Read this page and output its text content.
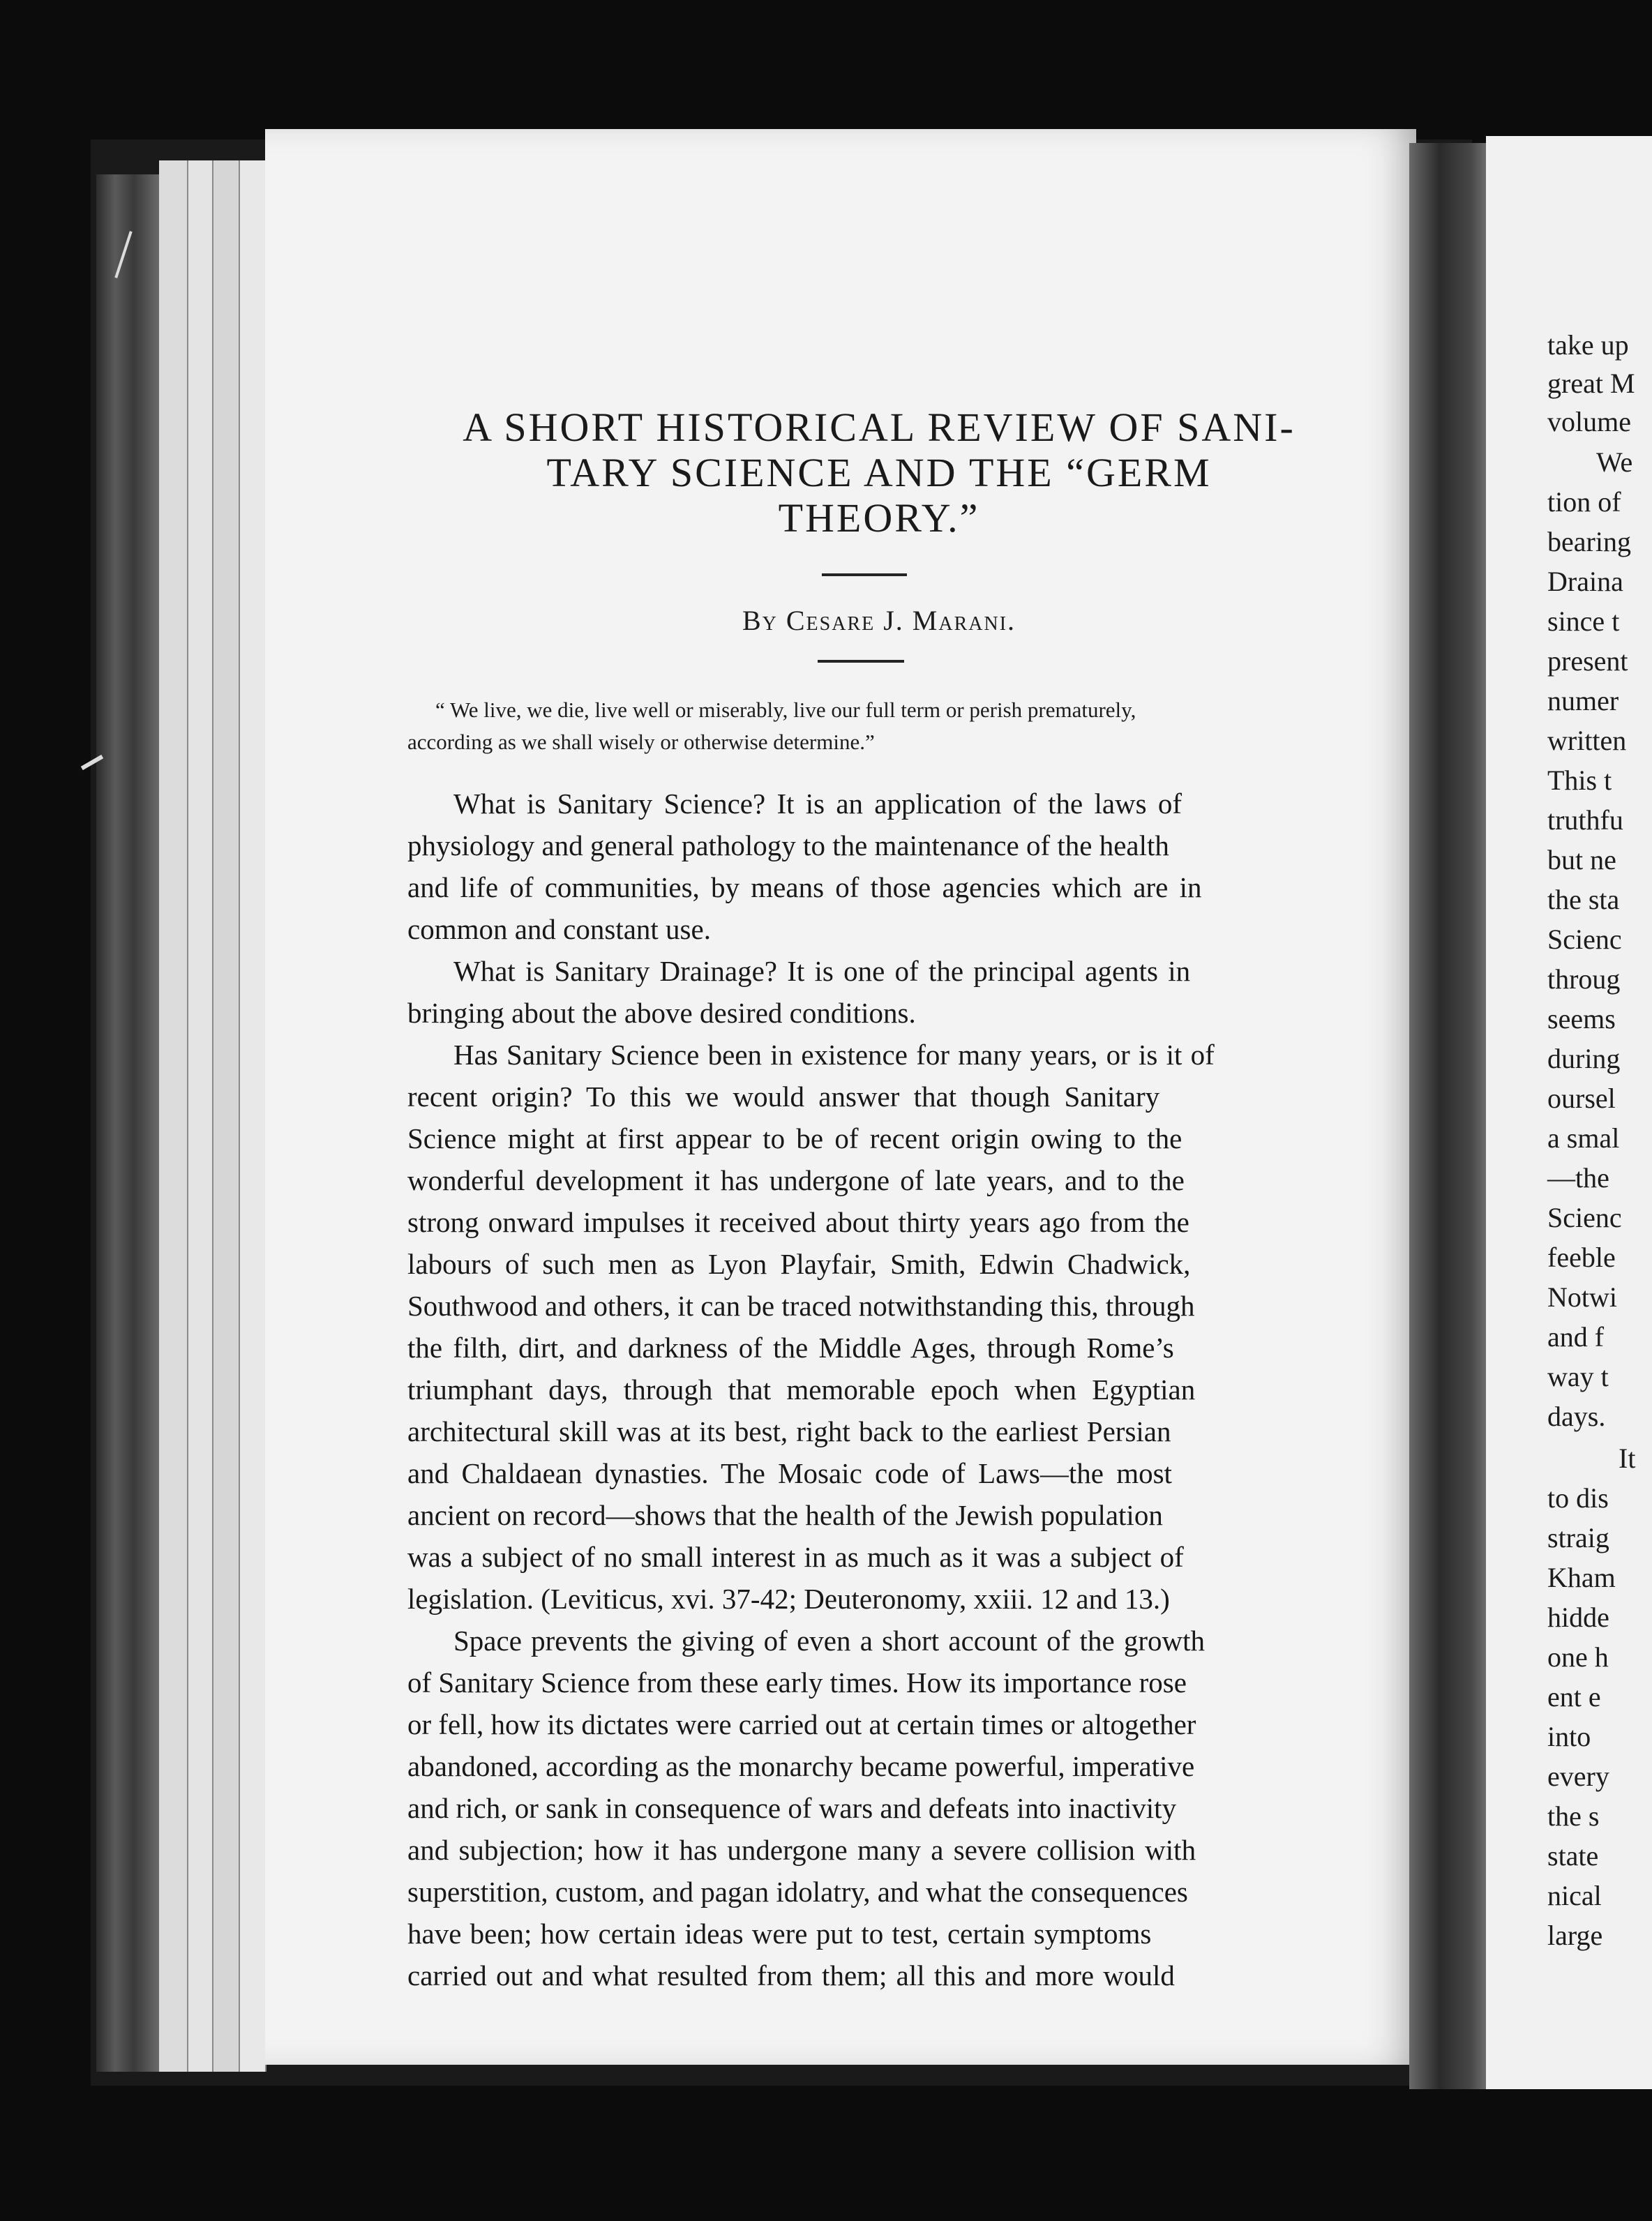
A SHORT HISTORICAL REVIEW OF SANI-
TARY SCIENCE AND THE “GERM
THEORY.”
By Cesare J. Marani.
“ We live, we die, live well or miserably, live our full term or perish prematurely,
according as we shall wisely or otherwise determine.”
What is Sanitary Science? It is an application of the laws of
physiology and general pathology to the maintenance of the health
and life of communities, by means of those agencies which are in
common and constant use.
What is Sanitary Drainage? It is one of the principal agents in
bringing about the above desired conditions.
Has Sanitary Science been in existence for many years, or is it of
recent origin? To this we would answer that though Sanitary
Science might at first appear to be of recent origin owing to the
wonderful development it has undergone of late years, and to the
strong onward impulses it received about thirty years ago from the
labours of such men as Lyon Playfair, Smith, Edwin Chadwick,
Southwood and others, it can be traced notwithstanding this, through
the filth, dirt, and darkness of the Middle Ages, through Rome’s
triumphant days, through that memorable epoch when Egyptian
architectural skill was at its best, right back to the earliest Persian
and Chaldaean dynasties. The Mosaic code of Laws—the most
ancient on record—shows that the health of the Jewish population
was a subject of no small interest in as much as it was a subject of
legislation. (Leviticus, xvi. 37-42; Deuteronomy, xxiii. 12 and 13.)
Space prevents the giving of even a short account of the growth
of Sanitary Science from these early times. How its importance rose
or fell, how its dictates were carried out at certain times or altogether
abandoned, according as the monarchy became powerful, imperative
and rich, or sank in consequence of wars and defeats into inactivity
and subjection; how it has undergone many a severe collision with
superstition, custom, and pagan idolatry, and what the consequences
have been; how certain ideas were put to test, certain symptoms
carried out and what resulted from them; all this and more would
take up
great M
volume
We
tion of
bearing
Draina
since t
present
numer
written
This t
truthfu
but ne
the sta
Scienc
throug
seems
during
oursel
a smal
—the
Scienc
feeble
Notwi
and f
way t
days.
It
to dis
straig
Kham
hidde
one h
ent e
into
every
the s
state
nical
large
